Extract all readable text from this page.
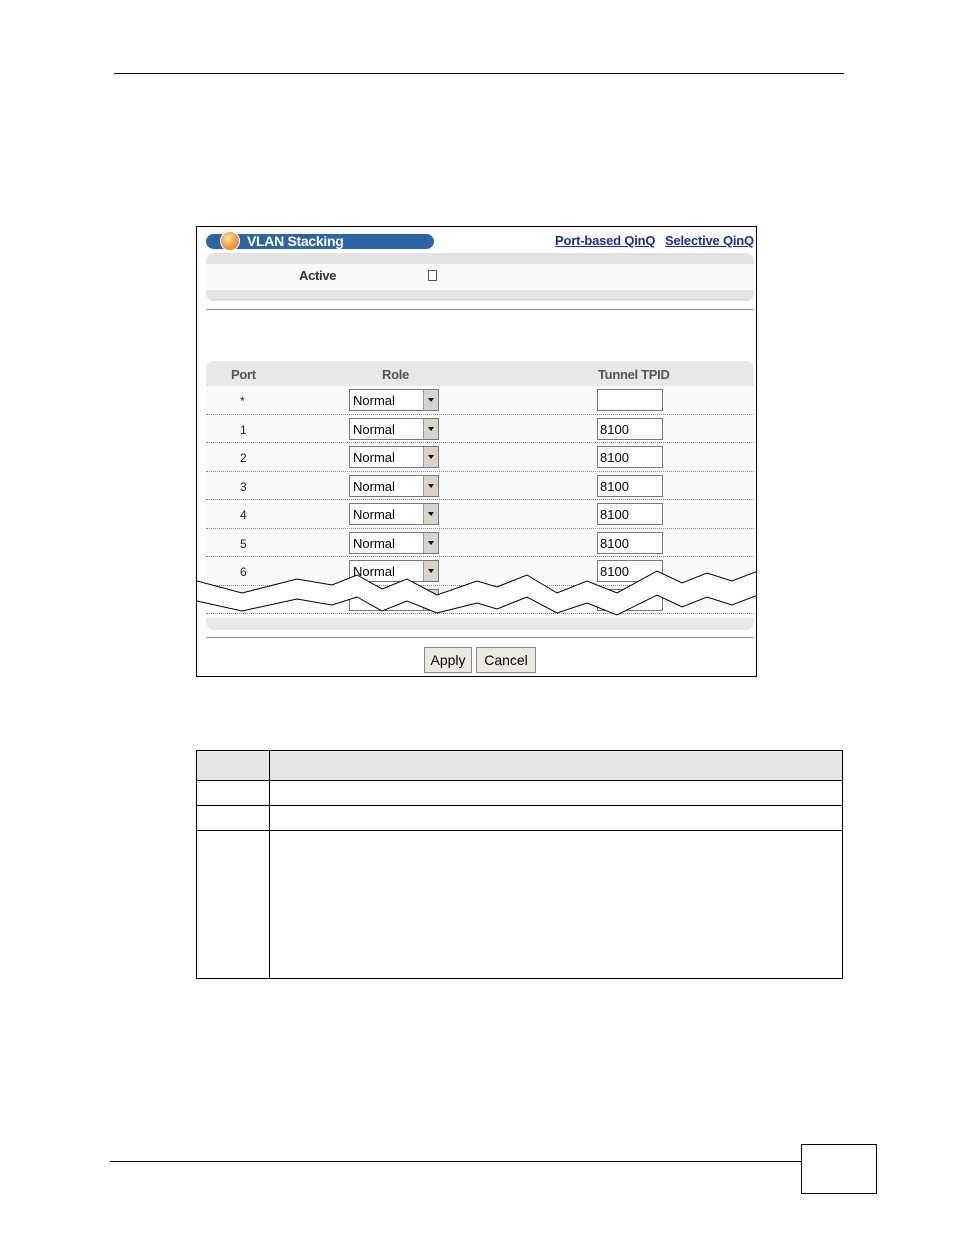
VLAN Stacking	Port-based QinQ Selective QinQ
Active
Port	Role	Tunnel TPID
*	Normal
1	Normal	8100
2	Normal	8100
3	Normal	8100
4	Normal	8100
5	Normal	8100
6	Normal	8100
Apply	Cancel
